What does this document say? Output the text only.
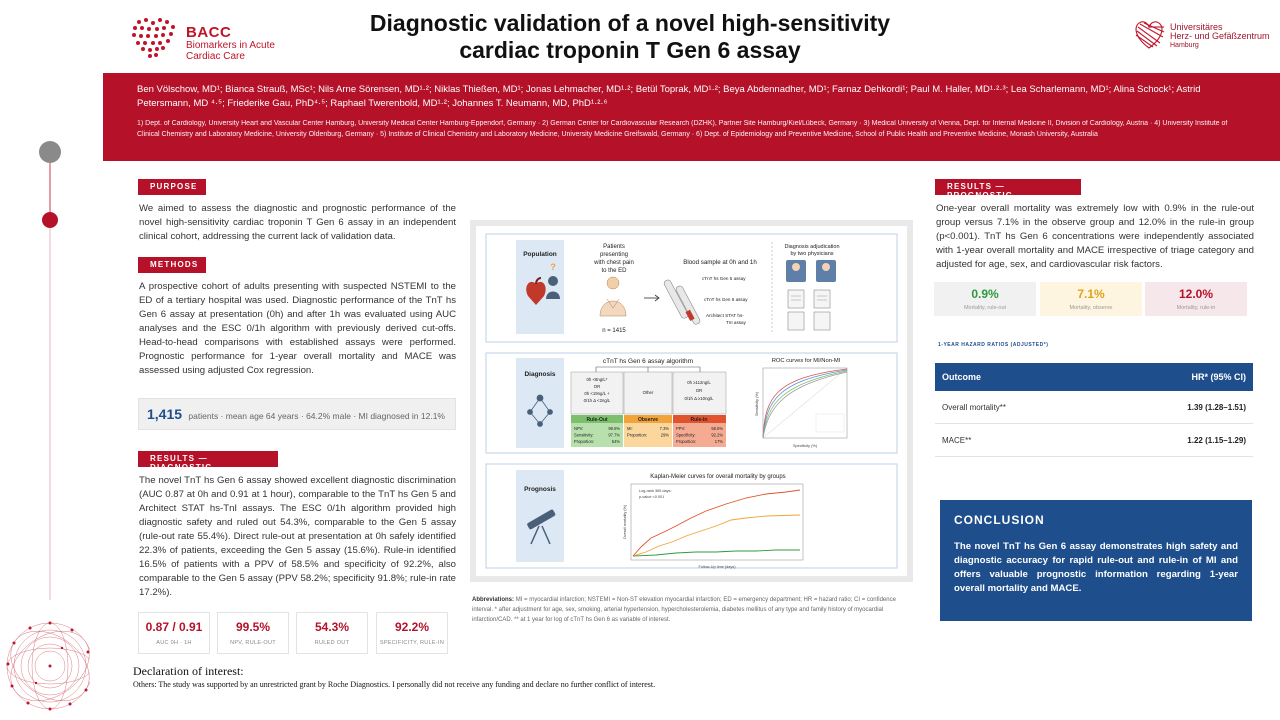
BACC
Biomarkers in Acute
Cardiac Care
Diagnostic validation of a novel high-sensitivity
cardiac troponin T Gen 6 assay
Universitäres
Herz- und Gefäßzentrum
Hamburg
Ben Völschow, MD¹; Bianca Strauß, MSc¹; Nils Arne Sörensen, MD¹·²; Niklas Thießen, MD¹; Jonas Lehmacher, MD¹·²; Betül Toprak, MD¹·²; Beya Abdennadher, MD¹; Farnaz Dehkordi¹; Paul M. Haller, MD¹·²·³; Lea Scharlemann, MD¹; Alina Schock¹; Astrid Petersmann, MD ⁴·⁵; Friederike Gau, PhD⁴·⁵; Raphael Twerenbold, MD¹·²; Johannes T. Neumann, MD, PhD¹·²·⁶
1) Dept. of Cardiology, University Heart and Vascular Center Hamburg, University Medical Center Hamburg-Eppendorf, Germany · 2) German Center for Cardiovascular Research (DZHK), Partner Site Hamburg/Kiel/Lübeck, Germany · 3) Medical University of Vienna, Dept. for Internal Medicine II, Division of Cardiology, Austria · 4) University Institute of Clinical Chemistry and Laboratory Medicine, University Oldenburg, Germany · 5) Institute of Clinical Chemistry and Laboratory Medicine, University Medicine Greifswald, Germany · 6) Dept. of Epidemiology and Preventive Medicine, School of Public Health and Preventive Medicine, Monash University, Australia
PURPOSE
We aimed to assess the diagnostic and prognostic performance of the novel high-sensitivity cardiac troponin T Gen 6 assay in an independent clinical cohort, addressing the current lack of validation data.
METHODS
A prospective cohort of adults presenting with suspected NSTEMI to the ED of a tertiary hospital was used. Diagnostic performance of the TnT hs Gen 6 assay at presentation (0h) and after 1h was evaluated using AUC analyses and the ESC 0/1h algorithm with previously derived cut-offs. Head-to-head comparisons with established assays were performed. Prognostic performance for 1-year overall mortality and MACE was assessed using adjusted Cox regression.
1,415 patients · mean age 64 years · 64.2% male · MI diagnosed in 12.1%
RESULTS — DIAGNOSTIC
The novel TnT hs Gen 6 assay showed excellent diagnostic discrimination (AUC 0.87 at 0h and 0.91 at 1 hour), comparable to the TnT hs Gen 5 and Architect STAT hs-TnI assays. The ESC 0/1h algorithm provided high diagnostic safety and ruled out 54.3%, comparable to the Gen 5 assay (rule-out rate 55.4%). Direct rule-out at presentation at 0h safely identified 22.3% of patients, exceeding the Gen 5 assay (15.6%). Rule-in identified 16.5% of patients with a PPV of 58.5% and specificity of 92.2%, also comparable to the Gen 5 assay (PPV 58.2%; specificity 91.8%; rule-in rate 17.2%).
0.87 / 0.91
AUC 0H · 1H
99.5%
NPV, RULE-OUT
54.3%
RULED OUT
92.2%
SPECIFICITY, RULE-IN
Declaration of interest:
Others: The study was supported by an unrestricted grant by Roche Diagnostics. I personally did not receive any funding and declare no further conflict of interest.
Population
?
Patients
presenting
with chest pain
to the ED
n = 1415
Blood sample at 0h and 1h
cTnT hs Gen 5 assay
cTnT hs Gen 6 assay
Architect STAT hs-
TnI assay
Diagnosis adjudication
by two physicians
Diagnosis
cTnT hs Gen 6 assay algorithm
0h <8ng/L*
OR
0h <19ng/L +
0/1h Δ <2ng/L
Other
0h ≥112ng/L
OR
0/1h Δ ≥10ng/L
Rule-Out	Observe	Rule-In
NPV:	99.5%
Sensitivity:	97.7%
Proportion:	54%
MI:	7.3%
Proportion:	29%
PPV:	58.5%
Specificity:	92.2%
Proportion:	17%
ROC curves for MI/Non-MI
Sensitivity (%)
Specificity (%)
Prognosis
Kaplan-Meier curves for overall mortality by groups
Log-rank 365 days:
p-value <0.001
Overall mortality (%)
Follow-Up time (days)
Abbreviations: MI = myocardial infarction; NSTEMI = Non-ST elevation myocardial infarction; ED = emergency department; HR = hazard ratio; CI = confidence interval. * after adjustment for age, sex, smoking, arterial hypertension, hypercholesterolemia, diabetes mellitus of any type and family history of myocardial infarction/CAD. ** at 1 year for log of cTnT hs Gen 6 as variable of interest.
RESULTS — PROGNOSTIC
One-year overall mortality was extremely low with 0.9% in the rule-out group versus 7.1% in the observe group and 12.0% in the rule-in group (p<0.001). TnT hs Gen 6 concentrations were independently associated with 1-year overall mortality and MACE irrespective of triage category and adjusted for age, sex, and cardiovascular risk factors.
0.9%
Mortality, rule-out
7.1%
Mortality, observe
12.0%
Mortality, rule-in
1-YEAR HAZARD RATIOS (ADJUSTED*)
Outcome	HR* (95% CI)
Overall mortality**	1.39 (1.28–1.51)
MACE**	1.22 (1.15–1.29)
CONCLUSION
The novel TnT hs Gen 6 assay demonstrates high safety and diagnostic accuracy for rapid rule-out and rule-in of MI and offers valuable prognostic information regarding 1-year overall mortality and MACE.
